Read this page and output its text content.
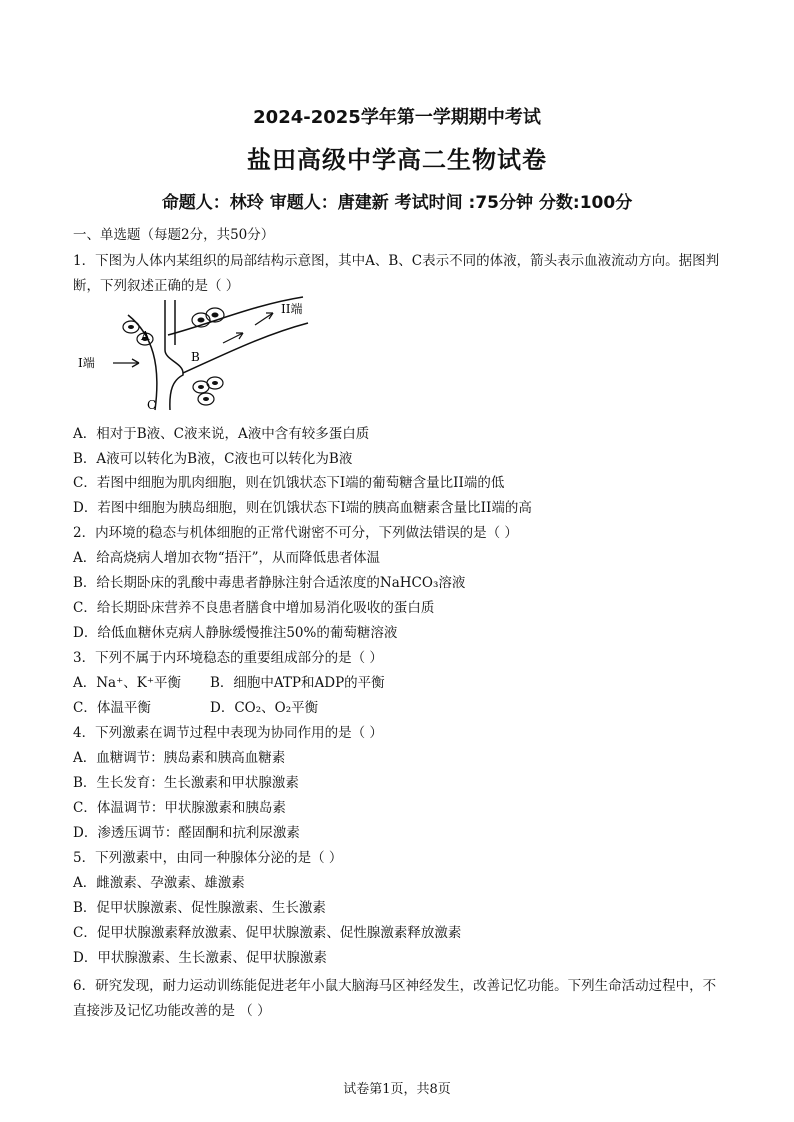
2024-2025学年第一学期期中考试
盐田高级中学高二生物试卷
命题人：林玲 审题人：唐建新 考试时间 :75分钟 分数:100分
一、单选题（每题2分，共50分）
1．下图为人体内某组织的局部结构示意图，其中A、B、C表示不同的体液，箭头表示血液流动方向。据图判断，下列叙述正确的是（ ）
A
B
C
I端
II端
A．相对于B液、C液来说，A液中含有较多蛋白质
B．A液可以转化为B液，C液也可以转化为B液
C．若图中细胞为肌肉细胞，则在饥饿状态下I端的葡萄糖含量比II端的低
D．若图中细胞为胰岛细胞，则在饥饿状态下I端的胰高血糖素含量比II端的高
2．内环境的稳态与机体细胞的正常代谢密不可分，下列做法错误的是（ ）
A．给高烧病人增加衣物“捂汗”，从而降低患者体温
B．给长期卧床的乳酸中毒患者静脉注射合适浓度的NaHCO₃溶液
C．给长期卧床营养不良患者膳食中增加易消化吸收的蛋白质
D．给低血糖休克病人静脉缓慢推注50%的葡萄糖溶液
3．下列不属于内环境稳态的重要组成部分的是（ ）
A．Na⁺、K⁺平衡 B．细胞中ATP和ADP的平衡
C．体温平衡	D．CO₂、O₂平衡
4．下列激素在调节过程中表现为协同作用的是（ ）
A．血糖调节：胰岛素和胰高血糖素
B．生长发育：生长激素和甲状腺激素
C．体温调节：甲状腺激素和胰岛素
D．渗透压调节：醛固酮和抗利尿激素
5．下列激素中，由同一种腺体分泌的是（ ）
A．雌激素、孕激素、雄激素
B．促甲状腺激素、促性腺激素、生长激素
C．促甲状腺激素释放激素、促甲状腺激素、促性腺激素释放激素
D．甲状腺激素、生长激素、促甲状腺激素
6．研究发现，耐力运动训练能促进老年小鼠大脑海马区神经发生，改善记忆功能。下列生命活动过程中，不直接涉及记忆功能改善的是 （ ）
试卷第1页，共8页
